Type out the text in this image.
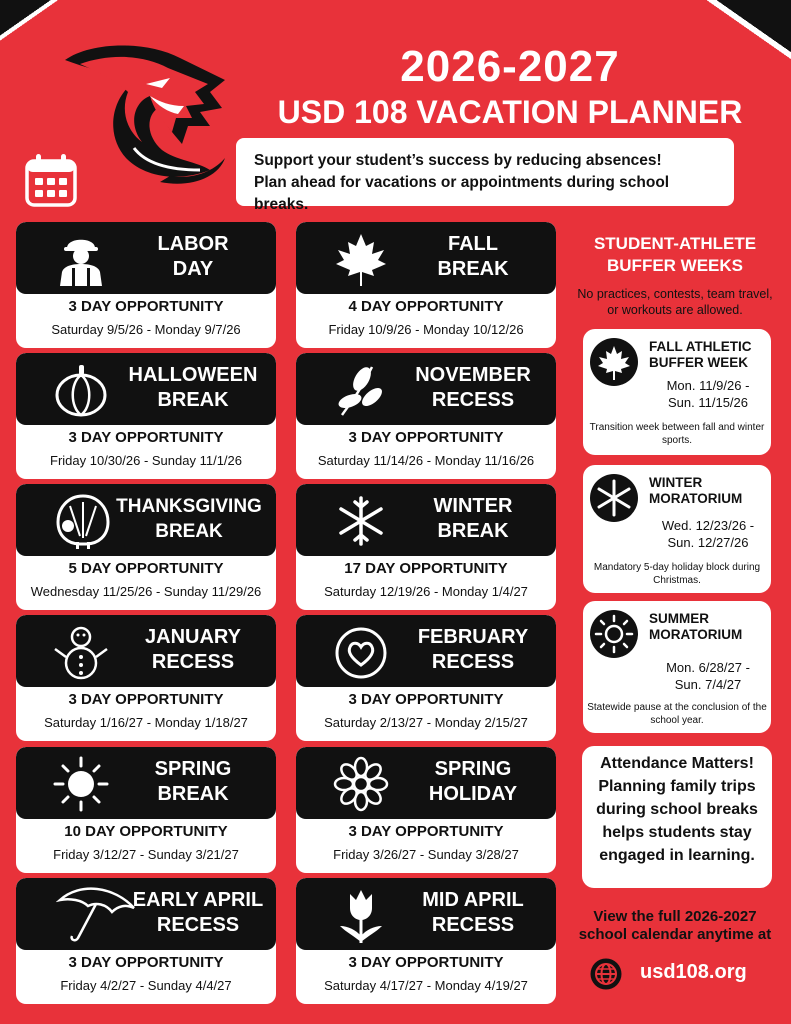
2026-2027
USD 108 VACATION PLANNER
Support your student’s success by reducing absences!
Plan ahead for vacations or appointments during school breaks.
LABOR
DAY
3 DAY OPPORTUNITY
Saturday 9/5/26 - Monday 9/7/26
FALL
BREAK
4 DAY OPPORTUNITY
Friday 10/9/26 - Monday 10/12/26
HALLOWEEN
BREAK
3 DAY OPPORTUNITY
Friday 10/30/26 - Sunday 11/1/26
NOVEMBER
RECESS
3 DAY OPPORTUNITY
Saturday 11/14/26 - Monday 11/16/26
THANKSGIVING
BREAK
5 DAY OPPORTUNITY
Wednesday 11/25/26 - Sunday 11/29/26
WINTER
BREAK
17 DAY OPPORTUNITY
Saturday 12/19/26 - Monday 1/4/27
JANUARY
RECESS
3 DAY OPPORTUNITY
Saturday 1/16/27 - Monday 1/18/27
FEBRUARY
RECESS
3 DAY OPPORTUNITY
Saturday 2/13/27 - Monday 2/15/27
SPRING
BREAK
10 DAY OPPORTUNITY
Friday 3/12/27 - Sunday 3/21/27
SPRING
HOLIDAY
3 DAY OPPORTUNITY
Friday 3/26/27 - Sunday 3/28/27
EARLY APRIL
RECESS
3 DAY OPPORTUNITY
Friday 4/2/27 - Sunday 4/4/27
MID APRIL
RECESS
3 DAY OPPORTUNITY
Saturday 4/17/27 - Monday 4/19/27
STUDENT-ATHLETE
BUFFER WEEKS
No practices, contests, team travel, or workouts are allowed.
FALL ATHLETIC
BUFFER WEEK
Mon. 11/9/26 -
Sun. 11/15/26
Transition week between fall and winter sports.
WINTER
MORATORIUM
Wed. 12/23/26 -
Sun. 12/27/26
Mandatory 5-day holiday block during Christmas.
SUMMER
MORATORIUM
Mon. 6/28/27 -
Sun. 7/4/27
Statewide pause at the conclusion of the school year.
Attendance Matters!
Planning family trips
during school breaks
helps students stay
engaged in learning.
View the full 2026-2027
school calendar anytime at
usd108.org
